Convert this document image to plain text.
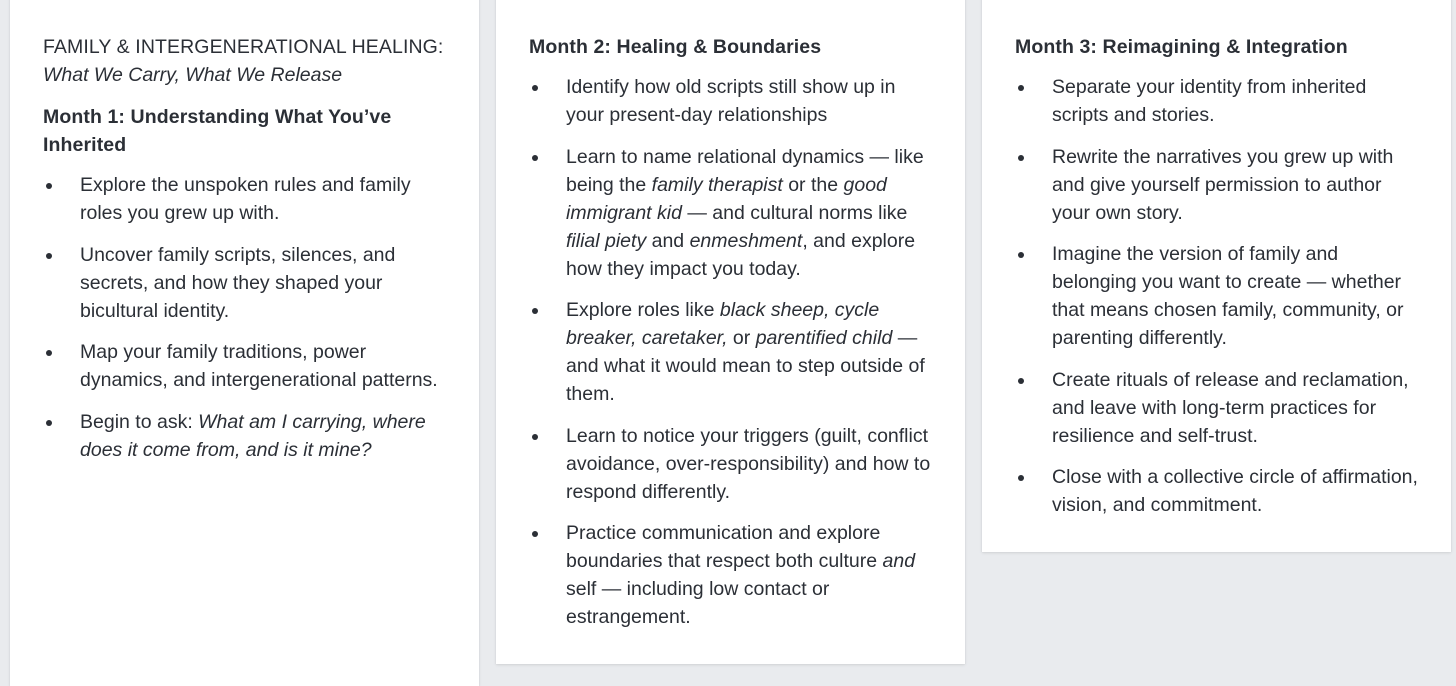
FAMILY & INTERGENERATIONAL HEALING:
What We Carry, What We Release
Month 1: Understanding What You’ve Inherited
Explore the unspoken rules and family roles you grew up with.
Uncover family scripts, silences, and secrets, and how they shaped your bicultural identity.
Map your family traditions, power dynamics, and intergenerational patterns.
Begin to ask: What am I carrying, where does it come from, and is it mine?
Month 2: Healing & Boundaries
Identify how old scripts still show up in your present-day relationships
Learn to name relational dynamics — like being the family therapist or the good immigrant kid — and cultural norms like filial piety and enmeshment, and explore how they impact you today.
Explore roles like black sheep, cycle breaker, caretaker, or parentified child — and what it would mean to step outside of them.
Learn to notice your triggers (guilt, conflict avoidance, over-responsibility) and how to respond differently.
Practice communication and explore boundaries that respect both culture and self — including low contact or estrangement.
Month 3: Reimagining & Integration
Separate your identity from inherited scripts and stories.
Rewrite the narratives you grew up with and give yourself permission to author your own story.
Imagine the version of family and belonging you want to create — whether that means chosen family, community, or parenting differently.
Create rituals of release and reclamation, and leave with long-term practices for resilience and self-trust.
Close with a collective circle of affirmation, vision, and commitment.
